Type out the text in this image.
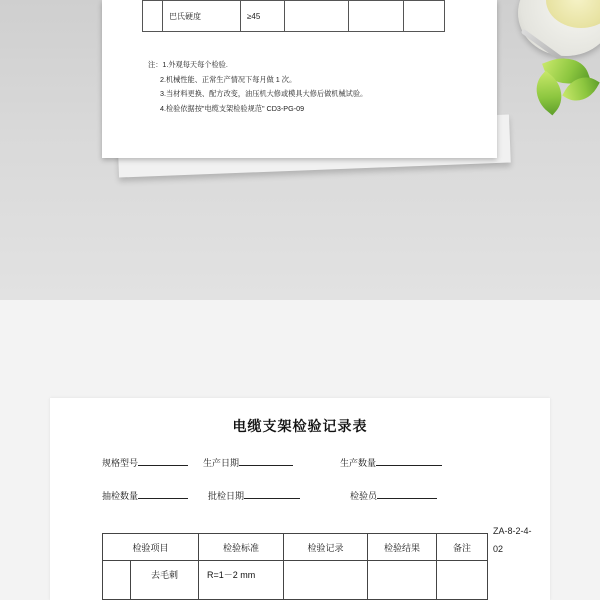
	巴氏硬度	≥45			
注：1.外观每天每个检验.
2.机械性能、正常生产情况下每月做 1 次。
3.当材料更换、配方改变，油压机大修或模具大修后做机械试验。
4.检验依据按"电缆支架检验规范" CD3-PG-09
电缆支架检验记录表
规格型号	生产日期	生产数量
抽检数量	批检日期	检验员
ZA-8-2-4-
02
检验项目		检验标准	检验记录	检验结果	备注
	去毛刺	R=1－2 mm			
